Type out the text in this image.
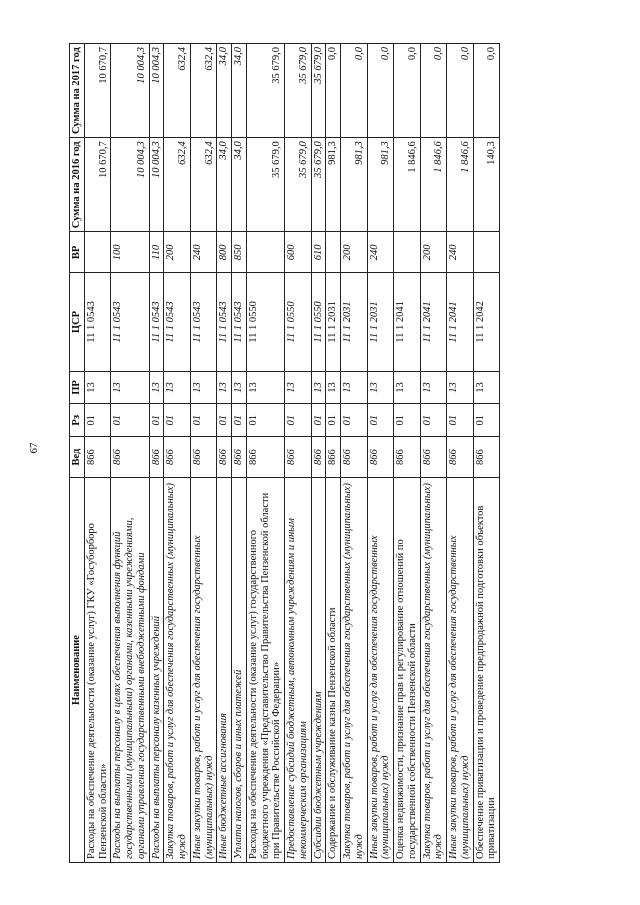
67
Наименование	Вед	Рз	ПР	ЦСР	ВР	Сумма на 2016 год	Сумма на 2017 год
Расходы на обеспечение деятельности (оказание услуг) ГКУ «Госуборборо Пензенской области»	866	01	13	11 1 0543		10 670,7	10 670,7
Расходы на выплаты персоналу в целях обеспечения выполнения функций государственными (муниципальными) органами, казенными учреждениями, органами управления государственными внебюджетными фондами	866	01	13	11 1 0543	100	10 004,3	10 004,3
Расходы на выплаты персоналу казенных учреждений	866	01	13	11 1 0543	110	10 004,3	10 004,3
Закупка товаров, работ и услуг для обеспечения государственных (муниципальных) нужд	866	01	13	11 1 0543	200	632,4	632,4
Иные закупки товаров, работ и услуг для обеспечения государственных (муниципальных) нужд	866	01	13	11 1 0543	240	632,4	632,4
Иные бюджетные ассигнования	866	01	13	11 1 0543	800	34,0	34,0
Уплата налогов, сборов и иных платежей	866	01	13	11 1 0543	850	34,0	34,0
Расходы на обеспечение деятельности (оказание услуг) государственного бюджетного учреждения «Представительство Правительства Пензенской области при Правительстве Российской Федерации»	866	01	13	11 1 0550		35 679,0	35 679,0
Предоставление субсидий бюджетным, автономным учреждениям и иным некоммерческим организациям	866	01	13	11 1 0550	600	35 679,0	35 679,0
Субсидии бюджетным учреждениям	866	01	13	11 1 0550	610	35 679,0	35 679,0
Содержание и обслуживание казны Пензенской области	866	01	13	11 1 2031		981,3	0,0
Закупка товаров, работ и услуг для обеспечения государственных (муниципальных) нужд	866	01	13	11 1 2031	200	981,3	0,0
Иные закупки товаров, работ и услуг для обеспечения государственных (муниципальных) нужд	866	01	13	11 1 2031	240	981,3	0,0
Оценка недвижимости, признание прав и регулирование отношений по государственной собственности Пензенской области	866	01	13	11 1 2041		1 846,6	0,0
Закупка товаров, работ и услуг для обеспечения государственных (муниципальных) нужд	866	01	13	11 1 2041	200	1 846,6	0,0
Иные закупки товаров, работ и услуг для обеспечения государственных (муниципальных) нужд	866	01	13	11 1 2041	240	1 846,6	0,0
Обеспечение приватизации и проведение предпродажной подготовки объектов приватизации	866	01	13	11 1 2042		140,3	0,0
